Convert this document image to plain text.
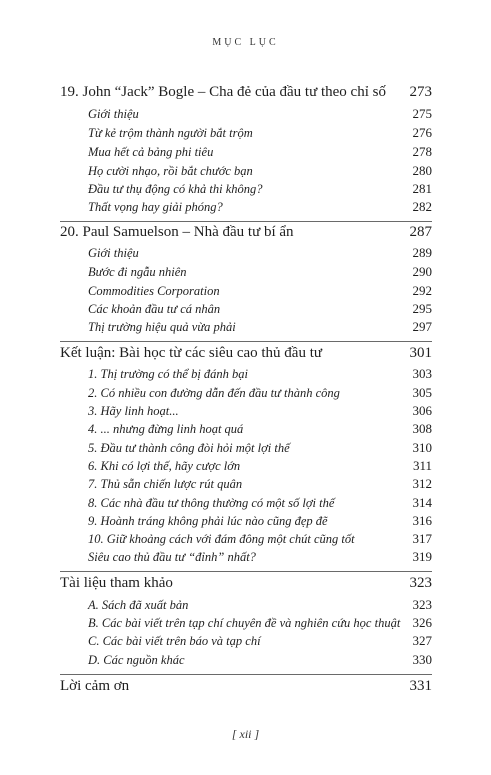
MỤC LỤC
19. John “Jack” Bogle – Cha đẻ của đầu tư theo chỉ số 273
Giới thiệu	275
Từ kẻ trộm thành người bắt trộm	276
Mua hết cả bảng phi tiêu	278
Họ cười nhạo, rồi bắt chước bạn	280
Đầu tư thụ động có khả thi không?	281
Thất vọng hay giải phóng?	282
20. Paul Samuelson – Nhà đầu tư bí ẩn	287
Giới thiệu	289
Bước đi ngẫu nhiên	290
Commodities Corporation	292
Các khoản đầu tư cá nhân	295
Thị trường hiệu quả vừa phải	297
Kết luận: Bài học từ các siêu cao thủ đầu tư	301
1. Thị trường có thể bị đánh bại	303
2. Có nhiều con đường dẫn đến đầu tư thành công	305
3. Hãy linh hoạt...	306
4. ... nhưng đừng linh hoạt quá	308
5. Đầu tư thành công đòi hỏi một lợi thế	310
6. Khi có lợi thế, hãy cược lớn	311
7. Thủ sẵn chiến lược rút quân	312
8. Các nhà đầu tư thông thường có một số lợi thế	314
9. Hoành tráng không phải lúc nào cũng đẹp đẽ	316
10. Giữ khoảng cách với đám đông một chút cũng tốt	317
Siêu cao thủ đầu tư “đỉnh” nhất?	319
Tài liệu tham khảo	323
A. Sách đã xuất bản	323
B. Các bài viết trên tạp chí chuyên đề và nghiên cứu học thuật 326
C. Các bài viết trên báo và tạp chí	327
D. Các nguồn khác	330
Lời cảm ơn	331
[ xii ]
